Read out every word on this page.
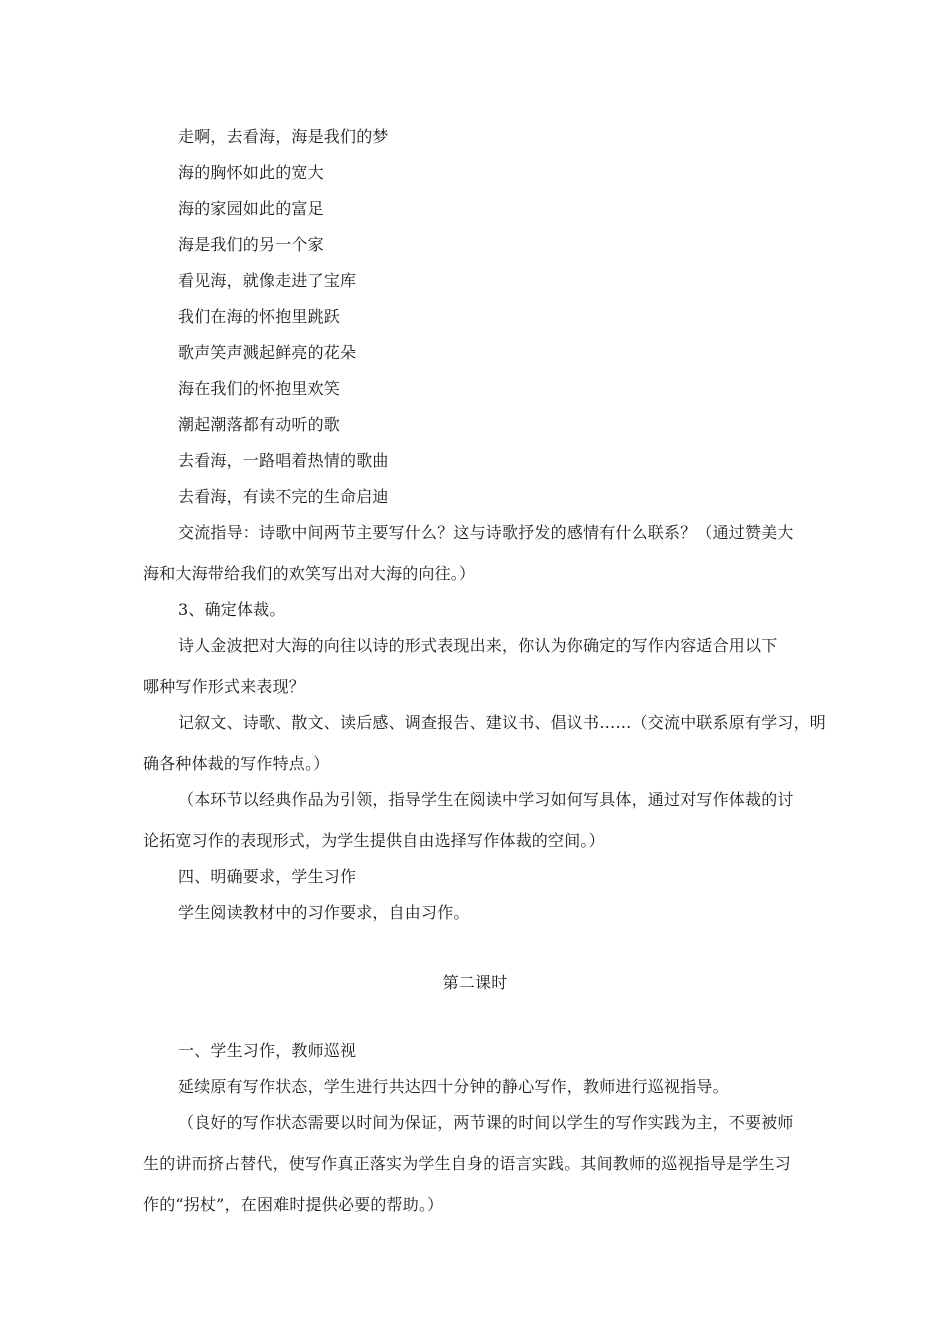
走啊，去看海，海是我们的梦
海的胸怀如此的宽大
海的家园如此的富足
海是我们的另一个家
看见海，就像走进了宝库
我们在海的怀抱里跳跃
歌声笑声溅起鲜亮的花朵
海在我们的怀抱里欢笑
潮起潮落都有动听的歌
去看海，一路唱着热情的歌曲
去看海，有读不完的生命启迪
交流指导：诗歌中间两节主要写什么？这与诗歌抒发的感情有什么联系？（通过赞美大
海和大海带给我们的欢笑写出对大海的向往。）
3、确定体裁。
诗人金波把对大海的向往以诗的形式表现出来，你认为你确定的写作内容适合用以下
哪种写作形式来表现？
记叙文、诗歌、散文、读后感、调查报告、建议书、倡议书……（交流中联系原有学习，明
确各种体裁的写作特点。）
（本环节以经典作品为引领，指导学生在阅读中学习如何写具体，通过对写作体裁的讨
论拓宽习作的表现形式，为学生提供自由选择写作体裁的空间。）
四、明确要求，学生习作
学生阅读教材中的习作要求，自由习作。
第二课时
一、学生习作，教师巡视
延续原有写作状态，学生进行共达四十分钟的静心写作，教师进行巡视指导。
（良好的写作状态需要以时间为保证，两节课的时间以学生的写作实践为主，不要被师
生的讲而挤占替代，使写作真正落实为学生自身的语言实践。其间教师的巡视指导是学生习
作的“拐杖”，在困难时提供必要的帮助。）
